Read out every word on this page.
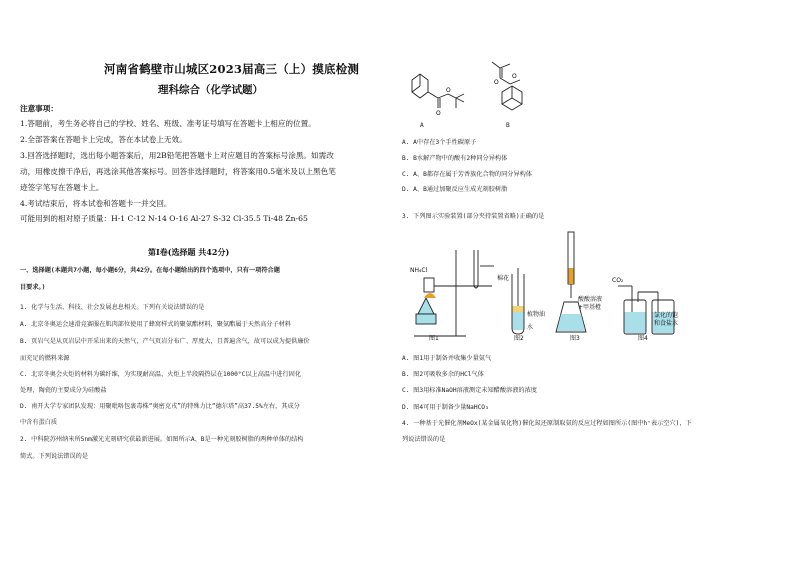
河南省鹤壁市山城区2023届高三（上）摸底检测
理科综合（化学试题）
注意事项：
1.答题前，考生务必将自己的学校、姓名、班级、准考证号填写在答题卡上相应的位置。
2.全部答案在答题卡上完成，答在本试卷上无效。
3.回答选择题时，选出每小题答案后，用2B铅笔把答题卡上对应题目的答案标号涂黑。如需改
动，用橡皮擦干净后，再选涂其他答案标号。回答非选择题时，将答案用0.5毫米及以上黑色笔
迹签字笔写在答题卡上。
4.考试结束后，将本试卷和答题卡一并交回。
可能用到的相对原子质量：H-1 C-12 N-14 O-16 Al-27 S-32 Cl-35.5 Ti-48 Zn-65
第Ⅰ卷(选择题 共42分)
一、选择题(本题共7小题，每小题6分，共42分。在每小题给出的四个选项中，只有一项符合题
目要求。)
1. 化学与生活、科技、社会发展息息相关。下列有关说法错误的是
A. 北京冬奥运会速滑竞赛服在肌肉部位使用了蜂窝样式的聚氨酯材料，聚氨酯属于天然高分子材料
B. 页岩气是从页岩层中开采出来的天然气，产气页岩分布广、厚度大，且普遍含气，故可以成为提供廉价
而充足的燃料来源
C. 北京冬奥会火炬的材料为碳纤维，为实现耐高温，火炬上半段隔热层在1000°C以上高温中进行固化
处理，陶瓷的主要成分为硅酸盐
D. 南开大学专家团队发现：用聚吡咯包裹毒株“奥密克戎”的特殊力比“德尔塔”高37.5%左右，其成分
中含有蛋白质
2. 中科院苏州纳米所5nm激光光刻研究获最新进展。如图所示A、B是一种光刻胶树脂的两种单体的结构
简式。下列说法错误的是
O
O
A
O
O
B
A. A中存在3个手性碳原子
B. B水解产物中的酸有2种同分异构体
C. A、B都存在属于芳香族化合物的同分异构体
D. A、B通过加聚反应生成光刻胶树脂
3. 下列图示实验装置(部分夹持装置省略)正确的是
NH₄Cl
棉花
图1
植物油
水
图2
酸酸溶液
+甲基橙
图3
CO₂
氯化的饱
和食盐水
图4
A. 图1用于制备并收集少量氨气
B. 图2可吸收多余的HCl气体
C. 图3用标准NaOH溶液测定未知醋酸溶液的浓度
D. 图4可用于制备少量NaHCO₃
4. 一种基于光催化剂MeOx(某金属氧化物)催化氮还原制取氨的反应过程如图所示(图中h⁺表示空穴)，下
列说法错误的是
